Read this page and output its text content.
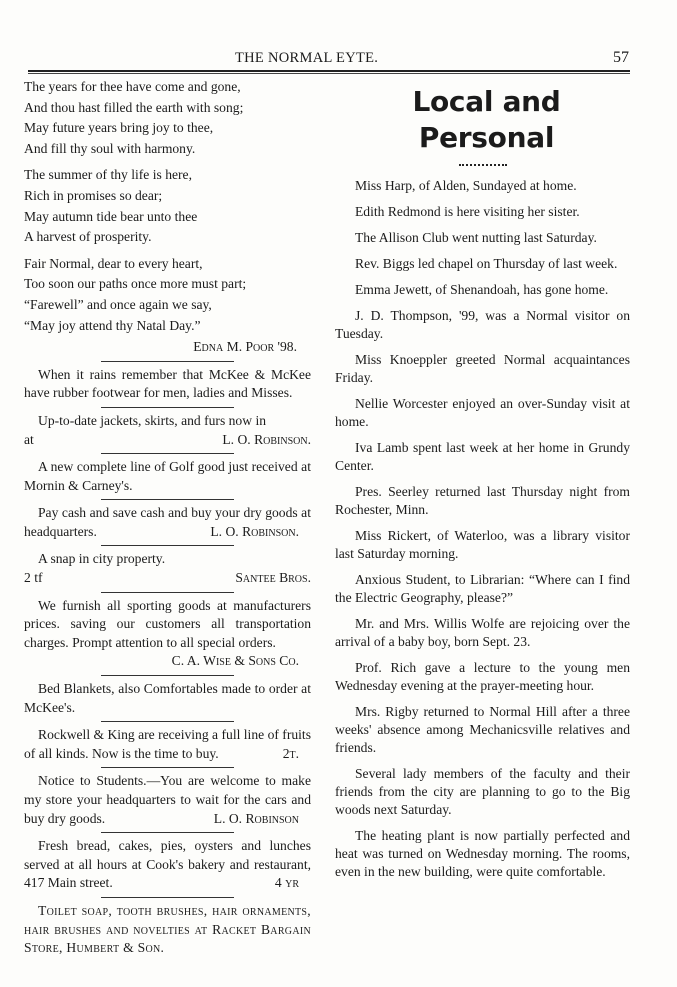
THE NORMAL EYTE.	57
The years for thee have come and gone,
And thou hast filled the earth with song;
May future years bring joy to thee,
And fill thy soul with harmony.
The summer of thy life is here,
Rich in promises so dear;
May autumn tide bear unto thee
A harvest of prosperity.
Fair Normal, dear to every heart,
Too soon our paths once more must part;
“Farewell” and once again we say,
“May joy attend thy Natal Day.”
Edna M. Poor '98.
When it rains remember that McKee & McKee have rubber footwear for men, ladies and Misses.
Up-to-date jackets, skirts, and furs now in
at	L. O. Robinson.
A new complete line of Golf good just received at Mornin & Carney's.
Pay cash and save cash and buy your dry goods at headquarters.	L. O. Robinson.
A snap in city property.
2 tf	Santee Bros.
We furnish all sporting goods at manufacturers prices. saving our customers all transportation charges. Prompt attention to all special orders.
C. A. Wise & Sons Co.
Bed Blankets, also Comfortables made to order at McKee's.
Rockwell & King are receiving a full line of fruits of all kinds. Now is the time to buy.	2t.
Notice to Students.—You are welcome to make my store your headquarters to wait for the cars and buy dry goods.	L. O. Robinson
Fresh bread, cakes, pies, oysters and lunches served at all hours at Cook's bakery and restaurant, 417 Main street.	4 yr
Toilet soap, tooth brushes, hair ornaments, hair brushes and novelties at Racket Bargain Store, Humbert & Son.
Local and Personal
Miss Harp, of Alden, Sundayed at home.
Edith Redmond is here visiting her sister.
The Allison Club went nutting last Saturday.
Rev. Biggs led chapel on Thursday of last week.
Emma Jewett, of Shenandoah, has gone home.
J. D. Thompson, '99, was a Normal visitor on Tuesday.
Miss Knoeppler greeted Normal acquaintances Friday.
Nellie Worcester enjoyed an over-Sunday visit at home.
Iva Lamb spent last week at her home in Grundy Center.
Pres. Seerley returned last Thursday night from Rochester, Minn.
Miss Rickert, of Waterloo, was a library visitor last Saturday morning.
Anxious Student, to Librarian: “Where can I find the Electric Geography, please?”
Mr. and Mrs. Willis Wolfe are rejoicing over the arrival of a baby boy, born Sept. 23.
Prof. Rich gave a lecture to the young men Wednesday evening at the prayer-meeting hour.
Mrs. Rigby returned to Normal Hill after a three weeks' absence among Mechanicsville relatives and friends.
Several lady members of the faculty and their friends from the city are planning to go to the Big woods next Saturday.
The heating plant is now partially perfected and heat was turned on Wednesday morning. The rooms, even in the new building, were quite comfortable.
